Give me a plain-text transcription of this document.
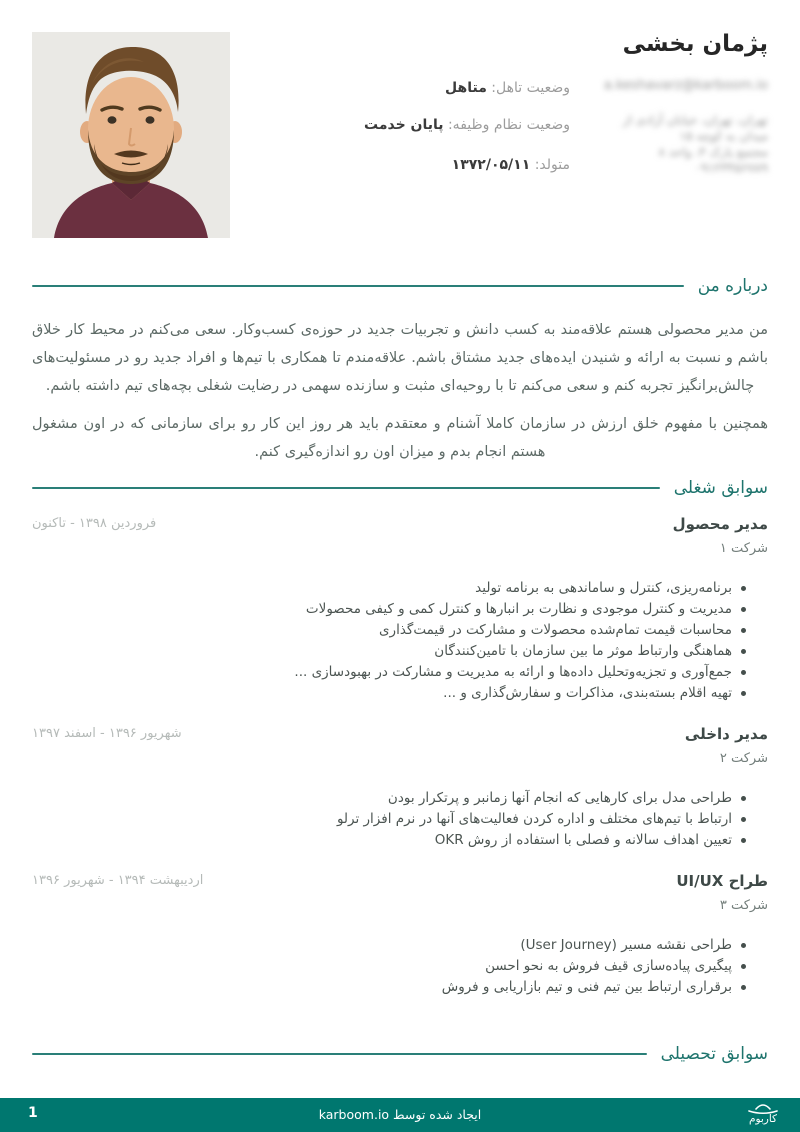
پژمان بخشی
a.keshavarz@karboom.io
تهران، تهران، خیابان آزادی از میدان به کوچه ۱۵
مجتمع پارک ۴، واحد ۸
۰۹۱۲۳۴۵۶۷۸۹
وضعیت تاهل: متاهل
وضعیت نظام وظیفه: پایان خدمت
متولد: ۱۳۷۲/۰۵/۱۱
درباره من

من مدیر محصولی هستم علاقه‌مند به کسب دانش و تجربیات جدید در حوزه‌ی کسب‌وکار. سعی می‌کنم در محیط کار خلاق باشم و نسبت به ارائه و شنیدن ایده‌های جدید مشتاق باشم. علاقه‌مندم تا همکاری با تیم‌ها و افراد جدید رو در مسئولیت‌های چالش‌برانگیز تجربه کنم و سعی می‌کنم تا با روحیه‌ای مثبت و سازنده سهمی در رضایت شغلی بچه‌های تیم داشته باشم.

همچنین با مفهوم خلق ارزش در سازمان کاملا آشنام و معتقدم باید هر روز این کار رو برای سازمانی که در اون مشغول هستم انجام بدم و میزان اون رو اندازه‌گیری کنم.

سوابق شغلی
مدیر محصول
شرکت ۱
فروردین ۱۳۹۸ - تاکنون
برنامه‌ریزی، کنترل و ساماندهی به برنامه تولید
مدیریت و کنترل موجودی و نظارت بر انبارها و کنترل کمی و کیفی محصولات
محاسبات قیمت تمام‌شده محصولات و مشارکت در قیمت‌گذاری
هماهنگی وارتباط موثر ما بین سازمان با تامین‌کنندگان
جمع‌آوری و تجزیه‌وتحلیل داده‌ها و ارائه به مدیریت و مشارکت در بهبودسازی ...
تهیه اقلام بسته‌بندی، مذاکرات و سفارش‌گذاری و ...
مدیر داخلی
شرکت ۲
شهریور ۱۳۹۶ - اسفند ۱۳۹۷
طراحی مدل برای کارهایی که انجام آنها زمانبر و پرتکرار بودن
ارتباط با تیم‌های مختلف و اداره کردن فعالیت‌های آنها در نرم افزار ترلو
تعیین اهداف سالانه و فصلی با استفاده از روش OKR
طراح UI/UX
شرکت ۳
اردیبهشت ۱۳۹۴ - شهریور ۱۳۹۶
طراحی نقشه مسیر (User Journey)
پیگیری پیاده‌سازی قیف فروش به نحو احسن
برقراری ارتباط بین تیم فنی و تیم بازاریابی و فروش
سوابق تحصیلی
1	ایجاد شده توسط karboom.io	کاربوم
